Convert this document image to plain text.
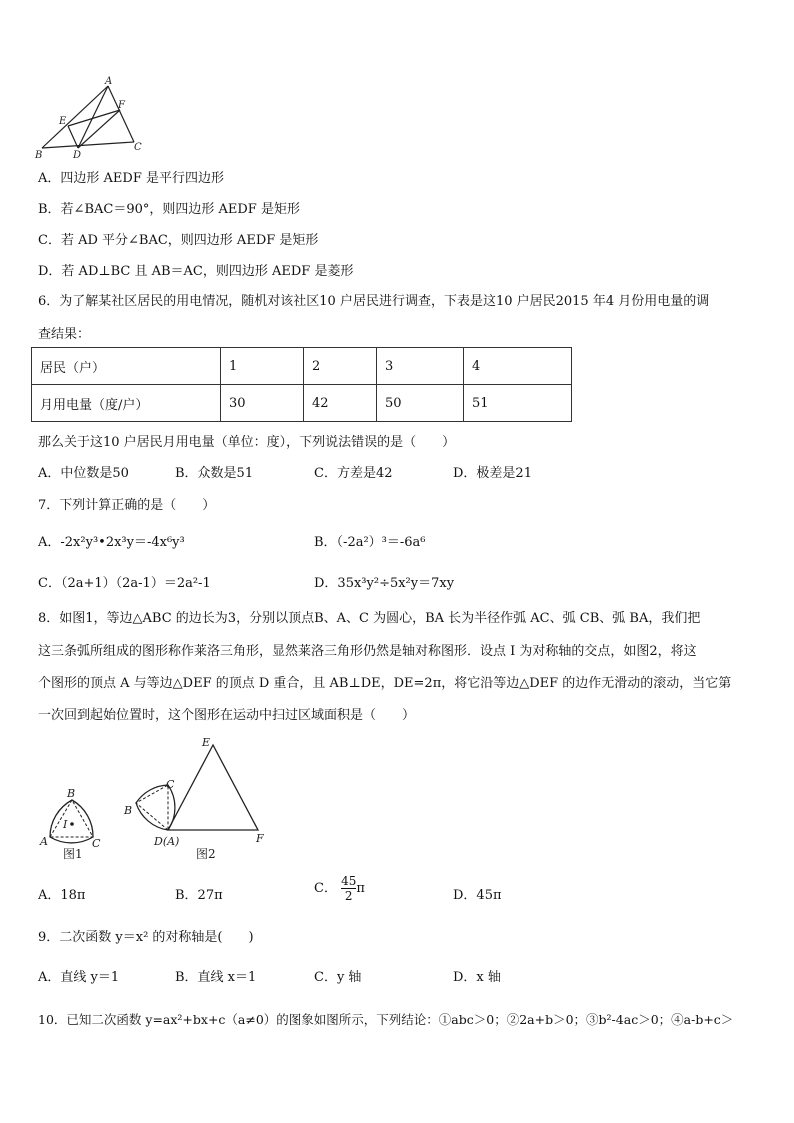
A
F
E
B	D
C
A．四边形 AEDF 是平行四边形
B．若∠BAC＝90°，则四边形 AEDF 是矩形
C．若 AD 平分∠BAC，则四边形 AEDF 是矩形
D．若 AD⊥BC 且 AB＝AC，则四边形 AEDF 是菱形
6．为了解某社区居民的用电情况，随机对该社区10 户居民进行调查，下表是这10 户居民2015 年4 月份用电量的调
查结果：
居民（户）	1	2	3	4
月用电量（度/户）	30	42	50	51
那么关于这10 户居民月用电量（单位：度），下列说法错误的是（　　）
A．中位数是50	B．众数是51	C．方差是42	D．极差是21
7．下列计算正确的是（　　）
A．-2x²y³•2x³y＝-4x⁶y³	B．（-2a²）³＝-6a⁶
C．（2a+1）（2a-1）＝2a²-1	D．35x³y²÷5x²y＝7xy
8．如图1，等边△ABC 的边长为3，分别以顶点B、A、C 为圆心，BA 长为半径作弧 AC、弧 CB、弧 BA，我们把
这三条弧所组成的图形称作莱洛三角形，显然莱洛三角形仍然是轴对称图形．设点 I 为对称轴的交点，如图2，将这
个图形的顶点 A 与等边△DEF 的顶点 D 重合，且 AB⊥DE，DE=2π，将它沿等边△DEF 的边作无滑动的滚动，当它第
一次回到起始位置时，这个图形在运动中扫过区域面积是（　　）
B
I
A	C
图1
E
C
B
D(A)	F
图2
A．18π	B．27π	C． $\frac{45}{2}$ π	D．45π
9．二次函数 y＝x² 的对称轴是(　　)
A．直线 y＝1	B．直线 x＝1	C．y 轴	D．x 轴
10．已知二次函数 y=ax²+bx+c（a≠0）的图象如图所示，下列结论：①abc＞0；②2a+b＞0；③b²-4ac＞0；④a-b+c＞
